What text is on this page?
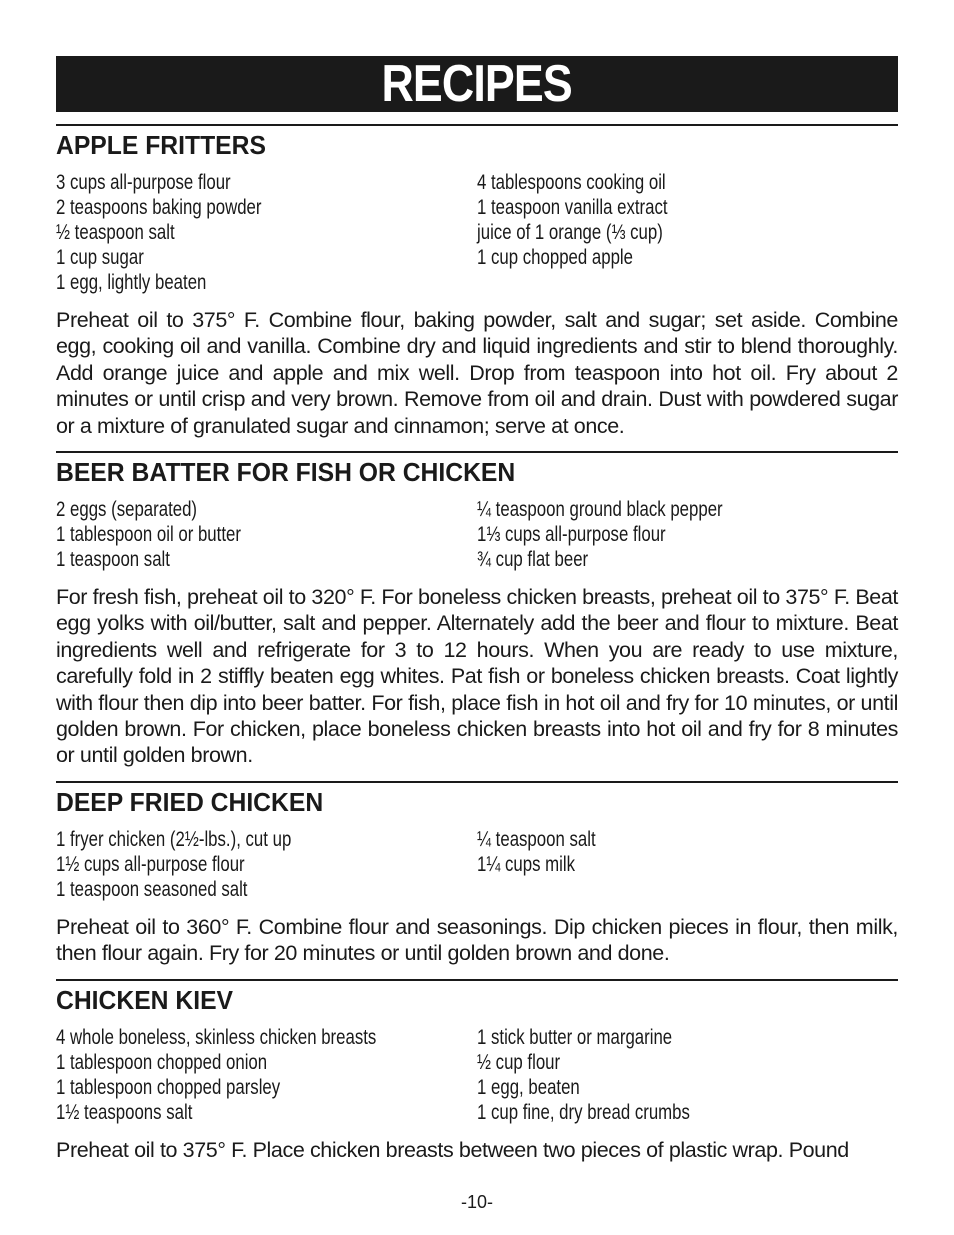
RECIPES
APPLE FRITTERS
3 cups all-purpose flour
2 teaspoons baking powder
½ teaspoon salt
1 cup sugar
1 egg, lightly beaten
4 tablespoons cooking oil
1 teaspoon vanilla extract
juice of 1 orange (⅓ cup)
1 cup chopped apple

Preheat oil to 375° F. Combine flour, baking powder, salt and sugar; set aside. Combine egg, cooking oil and vanilla. Combine dry and liquid ingredients and stir to blend thoroughly. Add orange juice and apple and mix well. Drop from teaspoon into hot oil. Fry about 2 minutes or until crisp and very brown. Remove from oil and drain. Dust with powdered sugar or a mixture of granulated sugar and cinnamon; serve at once.

BEER BATTER FOR FISH OR CHICKEN
2 eggs (separated)
1 tablespoon oil or butter
1 teaspoon salt
¼ teaspoon ground black pepper
1⅓ cups all-purpose flour
¾ cup flat beer

For fresh fish, preheat oil to 320° F. For boneless chicken breasts, preheat oil to 375° F. Beat egg yolks with oil/butter, salt and pepper. Alternately add the beer and flour to mixture. Beat ingredients well and refrigerate for 3 to 12 hours. When you are ready to use mixture, carefully fold in 2 stiffly beaten egg whites. Pat fish or boneless chicken breasts. Coat lightly with flour then dip into beer batter. For fish, place fish in hot oil and fry for 10 minutes, or until golden brown. For chicken, place boneless chicken breasts into hot oil and fry for 8 minutes or until golden brown.

DEEP FRIED CHICKEN
1 fryer chicken (2½-lbs.), cut up
1½ cups all-purpose flour
1 teaspoon seasoned salt
¼ teaspoon salt
1¼ cups milk

Preheat oil to 360° F. Combine flour and seasonings. Dip chicken pieces in flour, then milk, then flour again. Fry for 20 minutes or until golden brown and done.

CHICKEN KIEV
4 whole boneless, skinless chicken breasts
1 tablespoon chopped onion
1 tablespoon chopped parsley
1½ teaspoons salt
1 stick butter or margarine
½ cup flour
1 egg, beaten
1 cup fine, dry bread crumbs

Preheat oil to 375° F. Place chicken breasts between two pieces of plastic wrap. Pound

-10-
